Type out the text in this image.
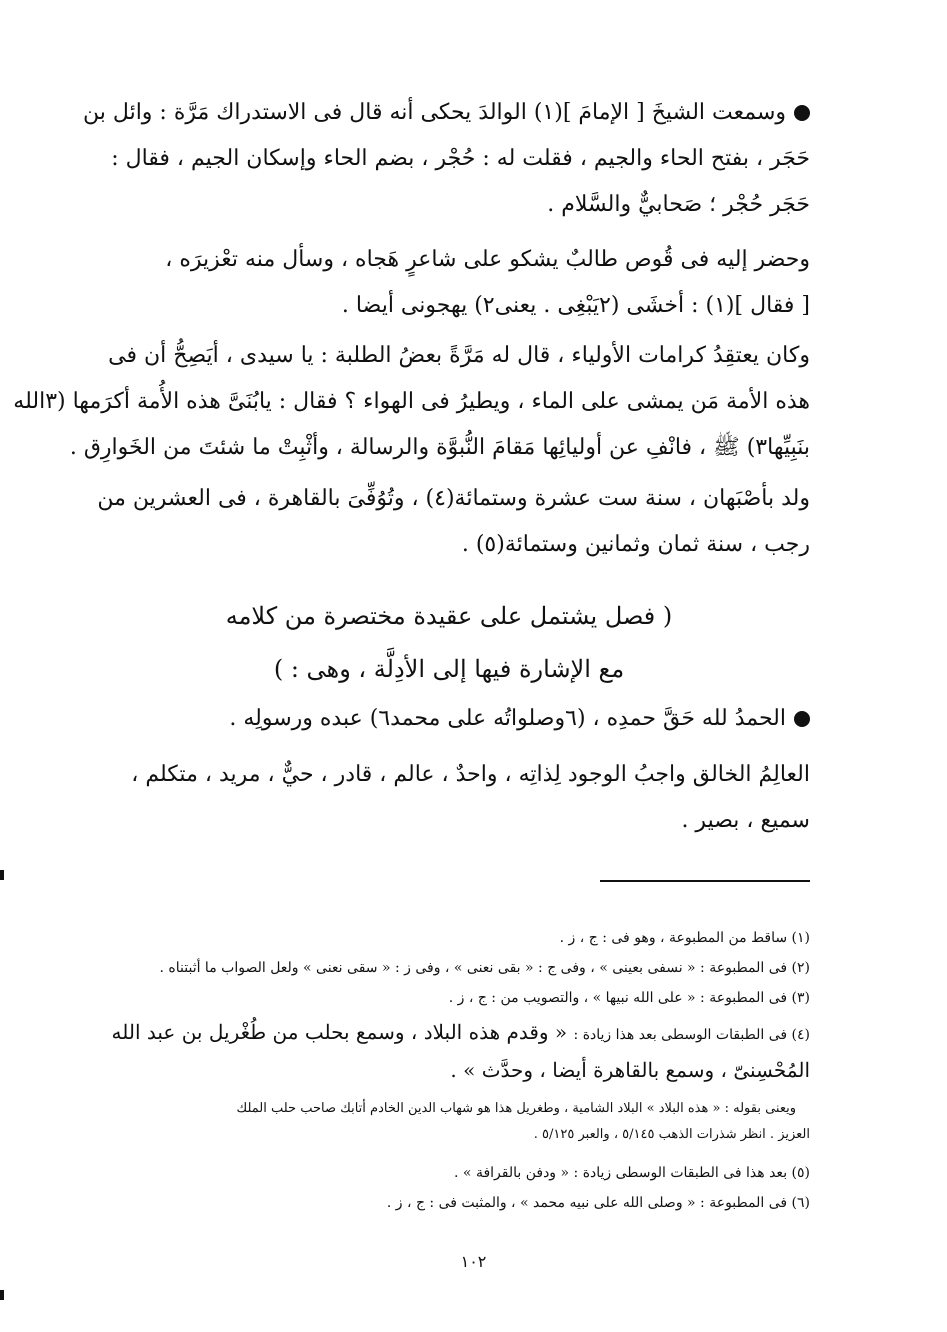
وسمعت الشيخَ [ الإمامَ ](١) الوالدَ يحكى أنه قال فى الاستدراك مَرَّة : وائل بن
حَجَر ، بفتح الحاء والجيم ، فقلت له : حُجْر ، بضم الحاء وإسكان الجيم ، فقال :
حَجَر حُجْر ؛ صَحابيٌّ والسَّلام .
وحضر إليه فى قُوص طالبٌ يشكو على شاعرٍ هَجاه ، وسأل منه تعْزيرَه ،
[ فقال ](١) : أخشَى (٢يَبْغِى . يعنى٢) يهجونى أيضا .
وكان يعتقِدُ كرامات الأولياء ، قال له مَرَّةً بعضُ الطلبة : يا سيدى ، أيَصِحُّ أن فى
هذه الأمة مَن يمشى على الماء ، ويطيرُ فى الهواء ؟ فقال : يابُنَىَّ هذه الأُمة أكرَمها (٣الله
بنَبِيِّها٣) ﷺ ، فانْفِ عن أوليائِها مَقامَ النُّبوَّة والرسالة ، وأثْبِتْ ما شئتَ من الخَوارِق .
ولد بأصْبَهان ، سنة ست عشرة وستمائة(٤) ، وتُوُفِّىَ بالقاهرة ، فى العشرين من
رجب ، سنة ثمان وثمانين وستمائة(٥) .
( فصل يشتمل على عقيدة مختصرة من كلامه
مع الإشارة فيها إلى الأدِلَّة ، وهى : )
الحمدُ لله حَقَّ حمدِه ، (٦وصلواتُه على محمد٦) عبده ورسولِه .
العالِمُ الخالق واجبُ الوجود لِذاتِه ، واحدٌ ، عالم ، قادر ، حيٌّ ، مريد ، متكلم ،
سميع ، بصير .
(١) ساقط من المطبوعة ، وهو فى : ج ، ز .
(٢) فى المطبوعة : « نسفى بعينى » ، وفى ج : « بقى نعنى » ، وفى ز : « سقى نعنى » ولعل الصواب ما أثبتناه .
(٣) فى المطبوعة : « على الله نبيها » ، والتصويب من : ج ، ز .
(٤) فى الطبقات الوسطى بعد هذا زيادة : « وقدم هذه البلاد ، وسمع بحلب من طُغْريل بن عبد الله
المُحْسِنىّ ، وسمع بالقاهرة أيضا ، وحدَّث » .
ويعنى بقوله : « هذه البلاد » البلاد الشامية ، وطغريل هذا هو شهاب الدين الخادم أتابك صاحب حلب الملك
العزيز . انظر شذرات الذهب ٥/١٤٥ ، والعبر ٥/١٢٥ .
(٥) بعد هذا فى الطبقات الوسطى زيادة : « ودفن بالقرافة » .
(٦) فى المطبوعة : « وصلى الله على نبيه محمد » ، والمثبت فى : ج ، ز .
١٠٢
